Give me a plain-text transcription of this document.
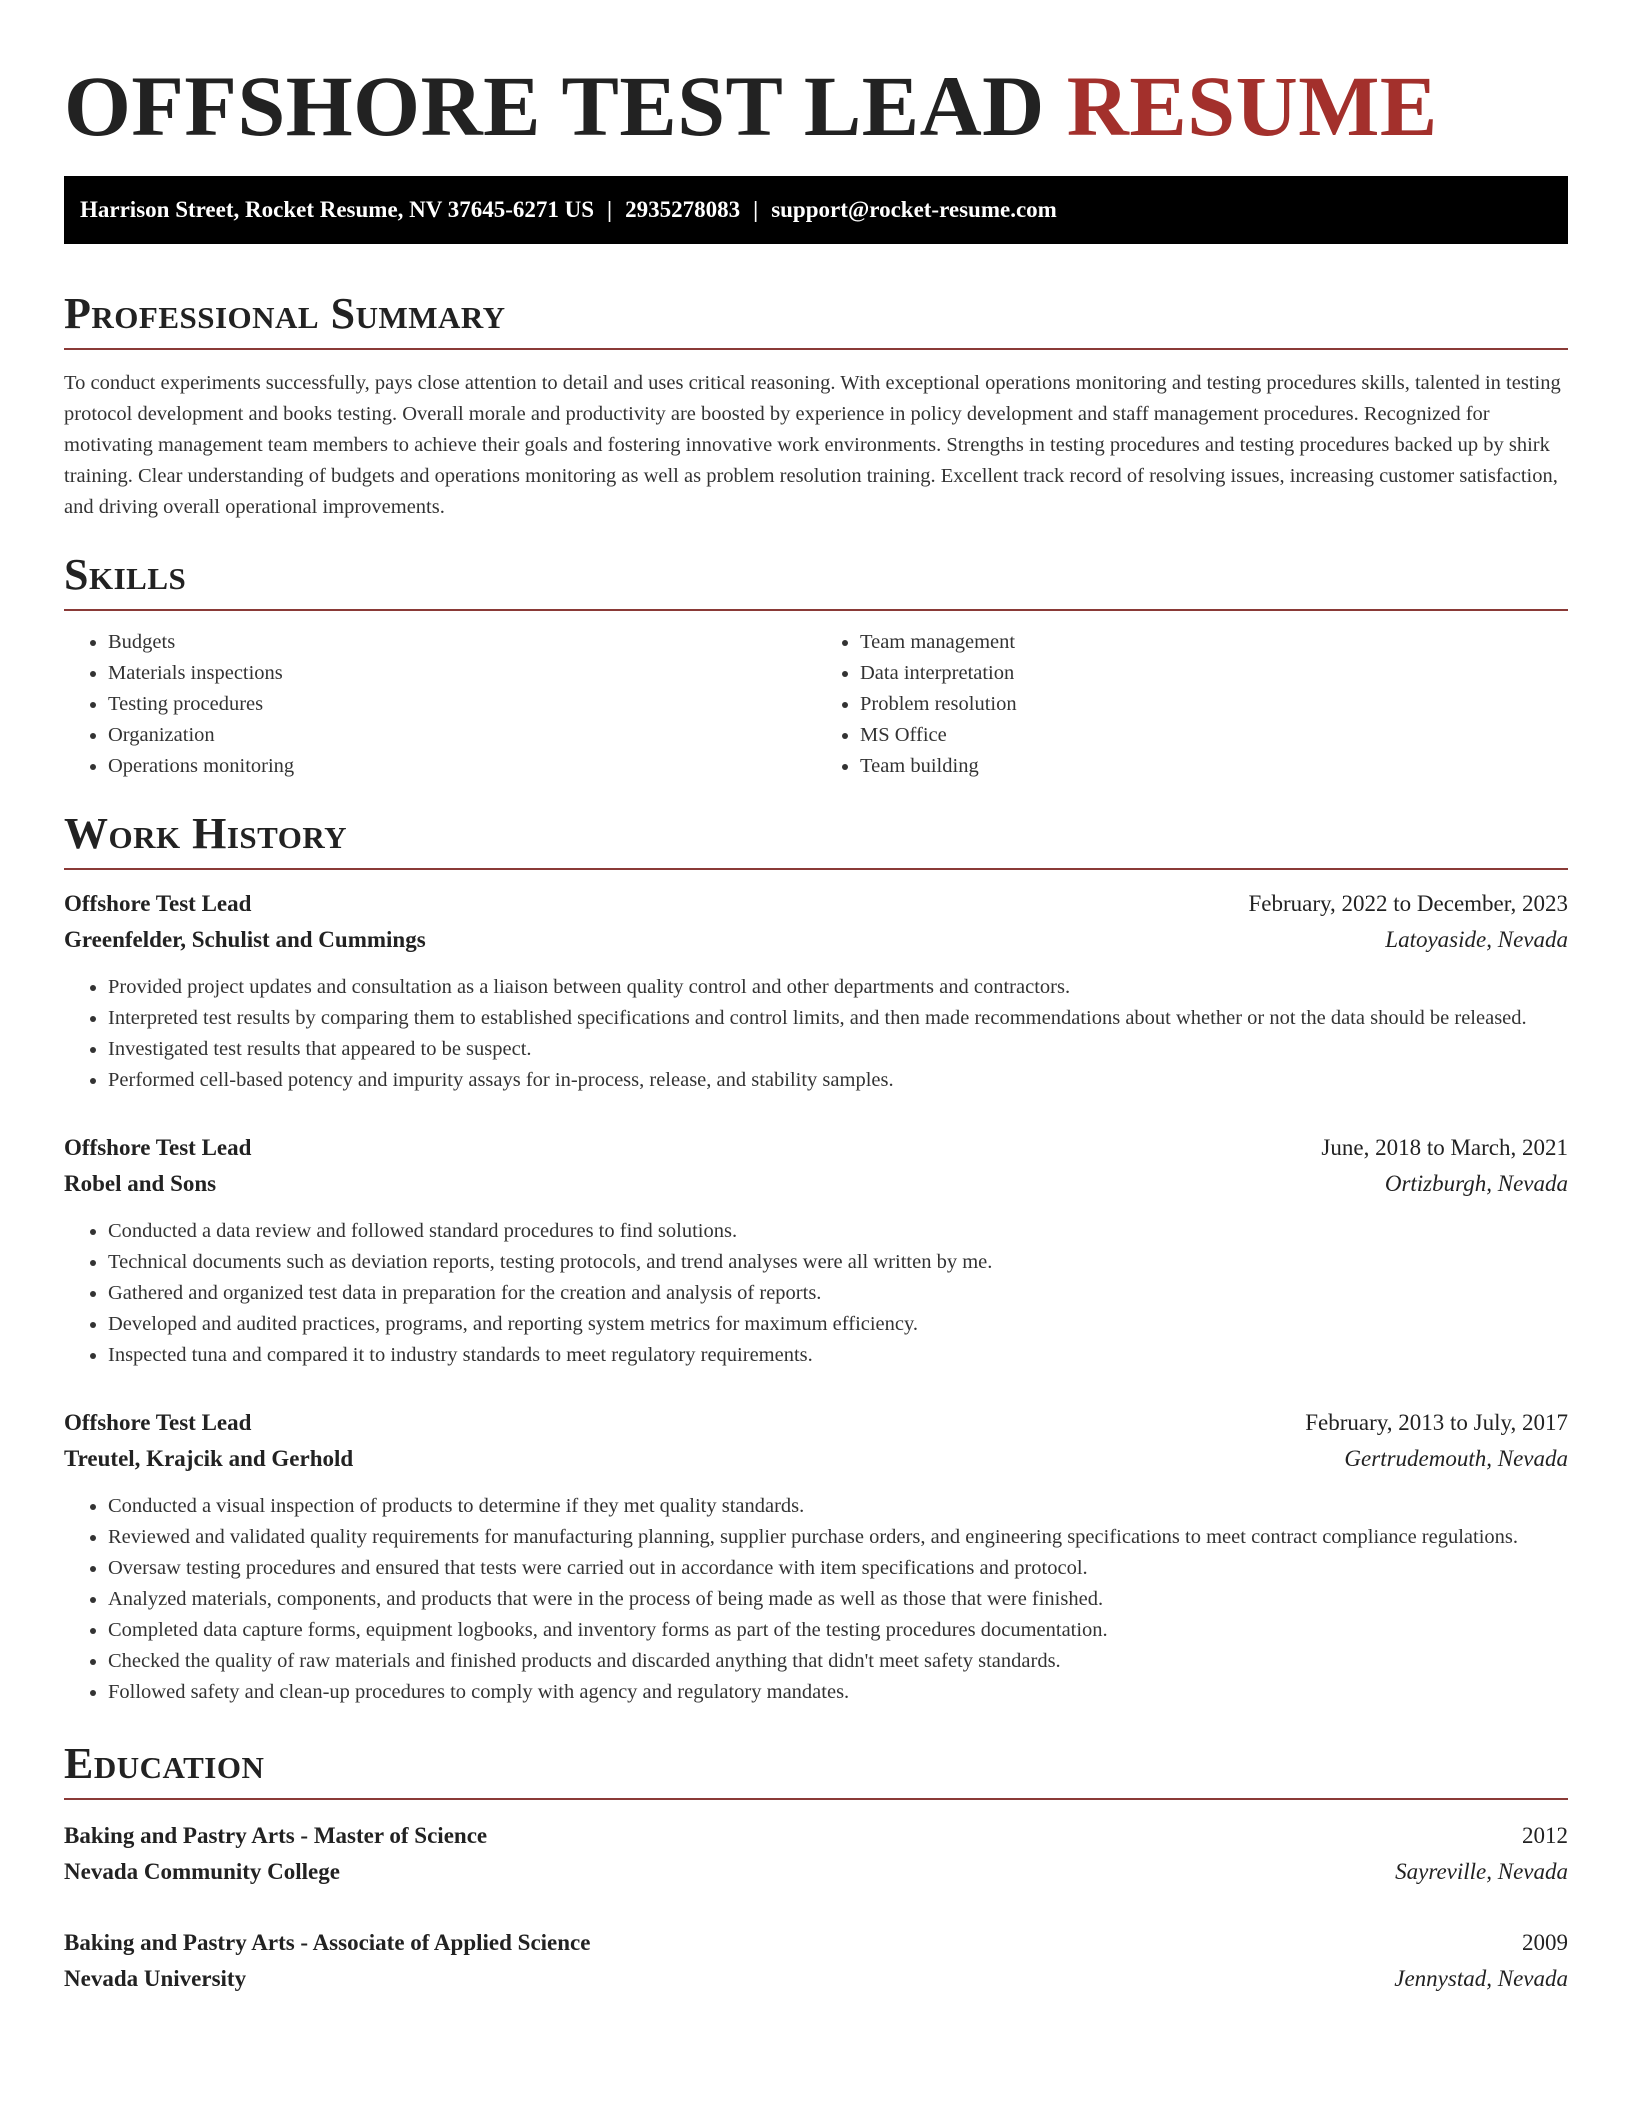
OFFSHORE TEST LEAD RESUME
Harrison Street, Rocket Resume, NV 37645-6271 US | 2935278083 | support@rocket-resume.com
Professional Summary

To conduct experiments successfully, pays close attention to detail and uses critical reasoning. With exceptional operations monitoring and testing procedures skills, talented in testing protocol development and books testing. Overall morale and productivity are boosted by experience in policy development and staff management procedures. Recognized for motivating management team members to achieve their goals and fostering innovative work environments. Strengths in testing procedures and testing procedures backed up by shirk training. Clear understanding of budgets and operations monitoring as well as problem resolution training. Excellent track record of resolving issues, increasing customer satisfaction, and driving overall operational improvements.

Skills
• Budgets
• Materials inspections
• Testing procedures
• Organization
• Operations monitoring
• Team management
• Data interpretation
• Problem resolution
• MS Office
• Team building
Work History
Offshore Test Lead	February, 2022 to December, 2023
Greenfelder, Schulist and Cummings	Latoyaside, Nevada
• Provided project updates and consultation as a liaison between quality control and other departments and contractors.
• Interpreted test results by comparing them to established specifications and control limits, and then made recommendations about whether or not the data should be released.
• Investigated test results that appeared to be suspect.
• Performed cell-based potency and impurity assays for in-process, release, and stability samples.
Offshore Test Lead	June, 2018 to March, 2021
Robel and Sons	Ortizburgh, Nevada
• Conducted a data review and followed standard procedures to find solutions.
• Technical documents such as deviation reports, testing protocols, and trend analyses were all written by me.
• Gathered and organized test data in preparation for the creation and analysis of reports.
• Developed and audited practices, programs, and reporting system metrics for maximum efficiency.
• Inspected tuna and compared it to industry standards to meet regulatory requirements.
Offshore Test Lead	February, 2013 to July, 2017
Treutel, Krajcik and Gerhold	Gertrudemouth, Nevada
• Conducted a visual inspection of products to determine if they met quality standards.
• Reviewed and validated quality requirements for manufacturing planning, supplier purchase orders, and engineering specifications to meet contract compliance regulations.
• Oversaw testing procedures and ensured that tests were carried out in accordance with item specifications and protocol.
• Analyzed materials, components, and products that were in the process of being made as well as those that were finished.
• Completed data capture forms, equipment logbooks, and inventory forms as part of the testing procedures documentation.
• Checked the quality of raw materials and finished products and discarded anything that didn't meet safety standards.
• Followed safety and clean-up procedures to comply with agency and regulatory mandates.
Education
Baking and Pastry Arts - Master of Science	2012
Nevada Community College	Sayreville, Nevada
Baking and Pastry Arts - Associate of Applied Science	2009
Nevada University	Jennystad, Nevada
